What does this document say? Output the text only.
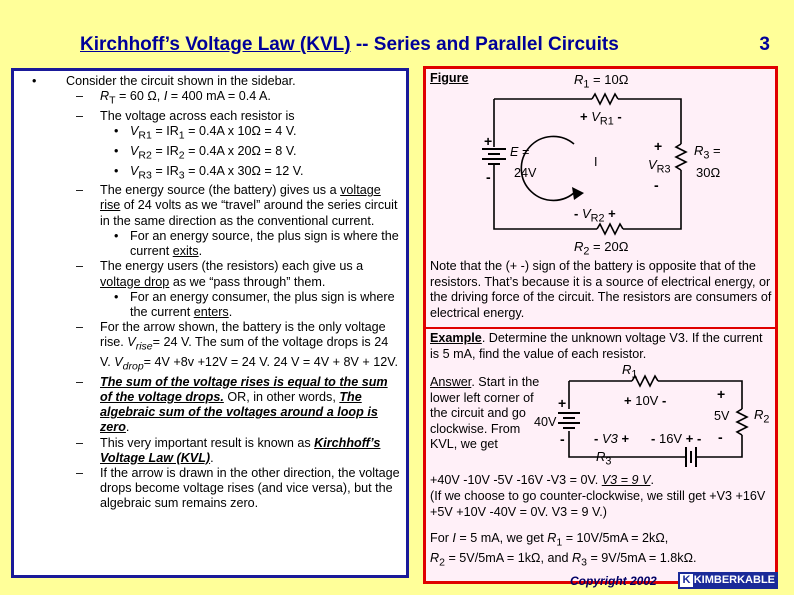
Kirchhoff’s Voltage Law (KVL) -- Series and Parallel Circuits	3
• Consider the circuit shown in the sidebar.
– $R_T = 60$ Ω, I = 400 mA = 0.4 A.
– The voltage across each resistor is
• $V_{R1} = IR_1 = 0.4A$ x 10Ω = 4 V.
• $V_{R2} = IR_2 = 0.4A$ x 20Ω = 8 V.
• $V_{R3} = IR_3 = 0.4A$ x 30Ω = 12 V.
– The energy source (the battery) gives us a voltage rise of 24 volts as we “travel” around the series circuit in the same direction as the conventional current.
• For an energy source, the plus sign is where the current exits.
– The energy users (the resistors) each give us a voltage drop as we “pass through” them.
• For an energy consumer, the plus sign is where the current enters.
– For the arrow shown, the battery is the only voltage rise. $V_{rise}= 24$ V. The sum of the voltage drops is 24 V. $V_{drop}= 4V +8v +12V = 24$ V. 24 V = 4V + 8V + 12V.
– The sum of the voltage rises is equal to the sum of the voltage drops. OR, in other words, The algebraic sum of the voltages around a loop is zero.
– This very important result is known as Kirchhoff’s Voltage Law (KVL).
– If the arrow is drawn in the other direction, the voltage drops become voltage rises (and vice versa), but the algebraic sum remains zero.
Figure	$R_1 = 10\Omega$
+ $V_{R1}$ -
+
-
E =
24V
I
+
$V_{R3}$
-
$R_3$ =
30Ω
- $V_{R2}$ +
$R_2 = 20\Omega$
Note that the (+ -) sign of the battery is opposite that of the resistors. That’s because it is a source of electrical energy, or the driving force of the circuit. The resistors are consumers of electrical energy.
Example. Determine the unknown voltage V3. If the current is 5 mA, find the value of each resistor.
Answer. Start in the lower left corner of the circuit and go clockwise. From KVL, we get
$R_1$
+ 10V -
+
40V
-
+
5V
-
$R_2$
- V3 + - 16V + -
$R_3$
+40V -10V -5V -16V -V3 = 0V. V3 = 9 V.
(If we choose to go counter-clockwise, we still get +V3 +16V +5V +10V -40V = 0V. V3 = 9 V.)
For I = 5 mA, we get $R_1 = 10V/5mA = 2k\Omega$,
$R_2 = 5V/5mA = 1k\Omega$, and $R_3 = 9V/5mA = 1.8k\Omega$.
Copyright 2002 K KIMBERKABLE
